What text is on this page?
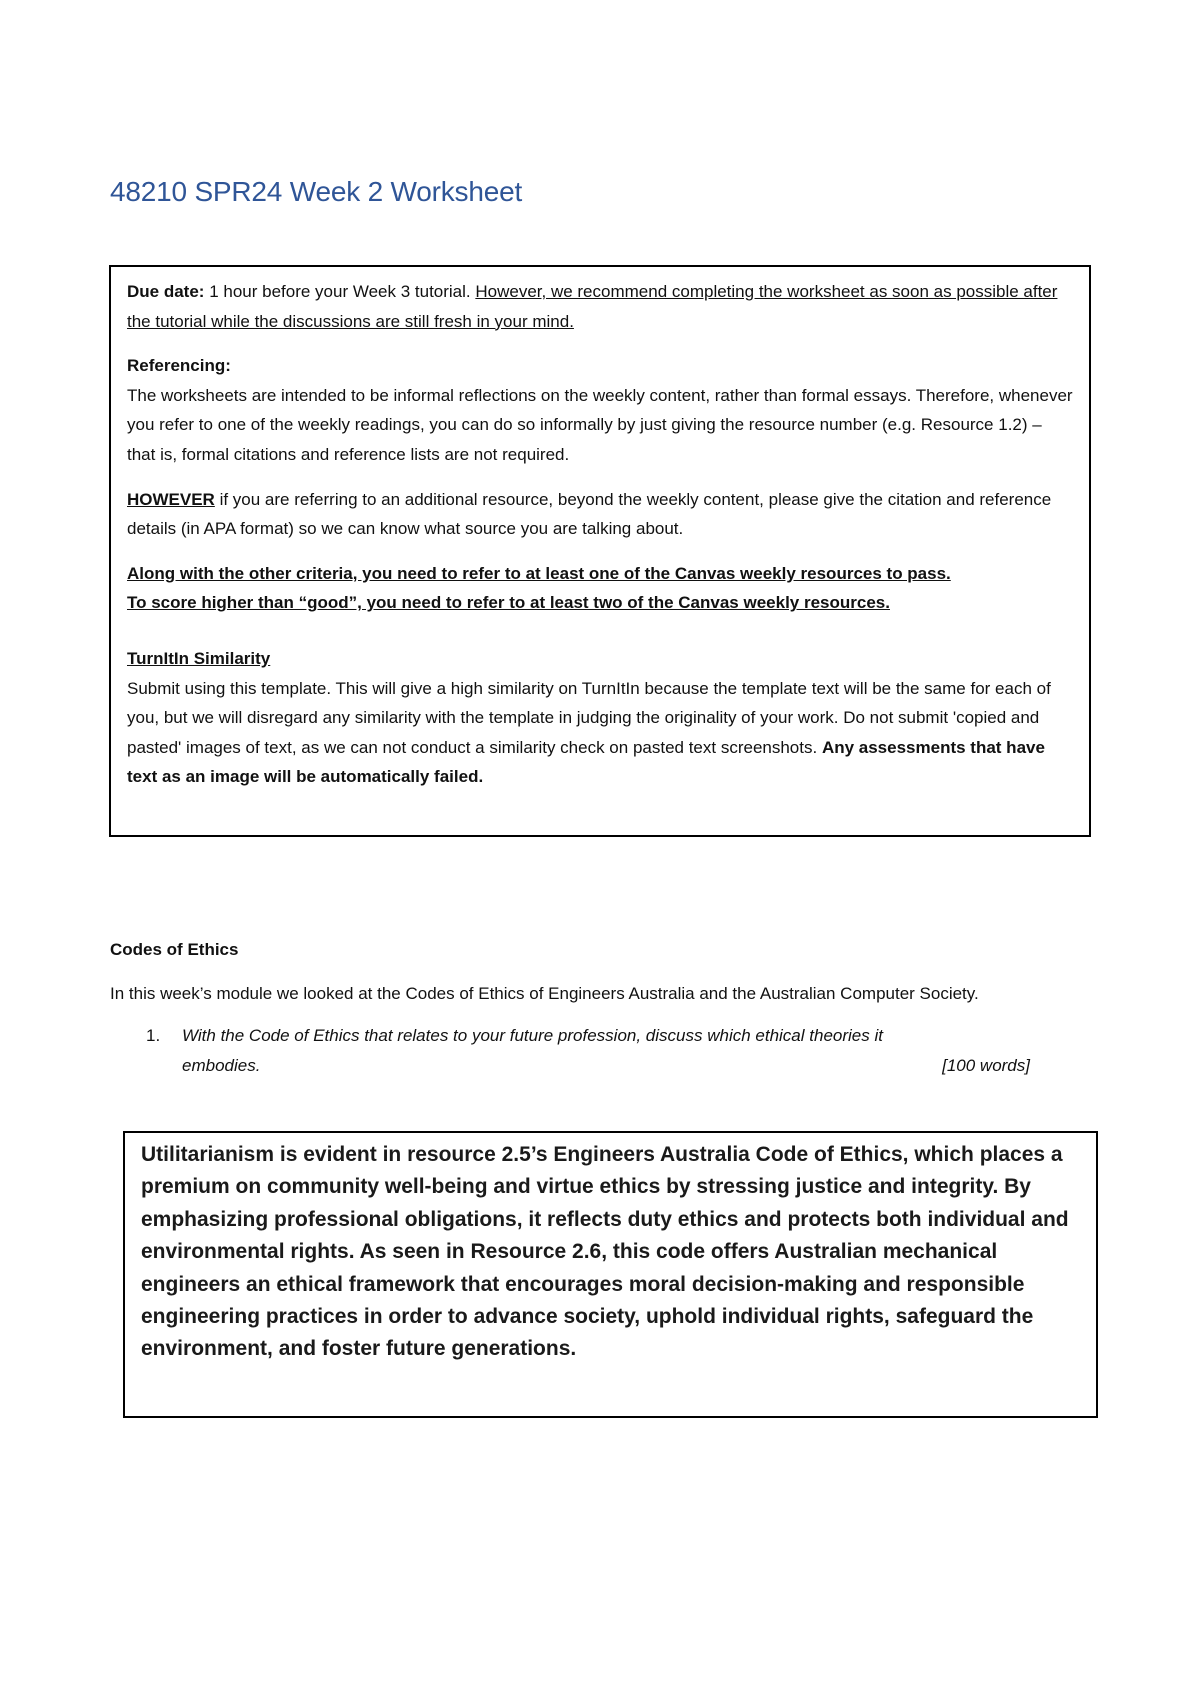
48210 SPR24 Week 2 Worksheet

Due date: 1 hour before your Week 3 tutorial. However, we recommend completing the worksheet as soon as possible after the tutorial while the discussions are still fresh in your mind.

Referencing:
The worksheets are intended to be informal reflections on the weekly content, rather than formal essays. Therefore, whenever you refer to one of the weekly readings, you can do so informally by just giving the resource number (e.g. Resource 1.2) – that is, formal citations and reference lists are not required.

HOWEVER if you are referring to an additional resource, beyond the weekly content, please give the citation and reference details (in APA format) so we can know what source you are talking about.

Along with the other criteria, you need to refer to at least one of the Canvas weekly resources to pass.
To score higher than “good”, you need to refer to at least two of the Canvas weekly resources.

TurnItIn Similarity
Submit using this template. This will give a high similarity on TurnItIn because the template text will be the same for each of you, but we will disregard any similarity with the template in judging the originality of your work. Do not submit 'copied and pasted' images of text, as we can not conduct a similarity check on pasted text screenshots. Any assessments that have text as an image will be automatically failed.

Codes of Ethics

In this week’s module we looked at the Codes of Ethics of Engineers Australia and the Australian Computer Society.

1.	With the Code of Ethics that relates to your future profession, discuss which ethical theories it
embodies.	[100 words]
Utilitarianism is evident in resource 2.5’s Engineers Australia Code of Ethics, which places a premium on community well-being and virtue ethics by stressing justice and integrity. By emphasizing professional obligations, it reflects duty ethics and protects both individual and environmental rights. As seen in Resource 2.6, this code offers Australian mechanical engineers an ethical framework that encourages moral decision-making and responsible engineering practices in order to advance society, uphold individual rights, safeguard the environment, and foster future generations.
